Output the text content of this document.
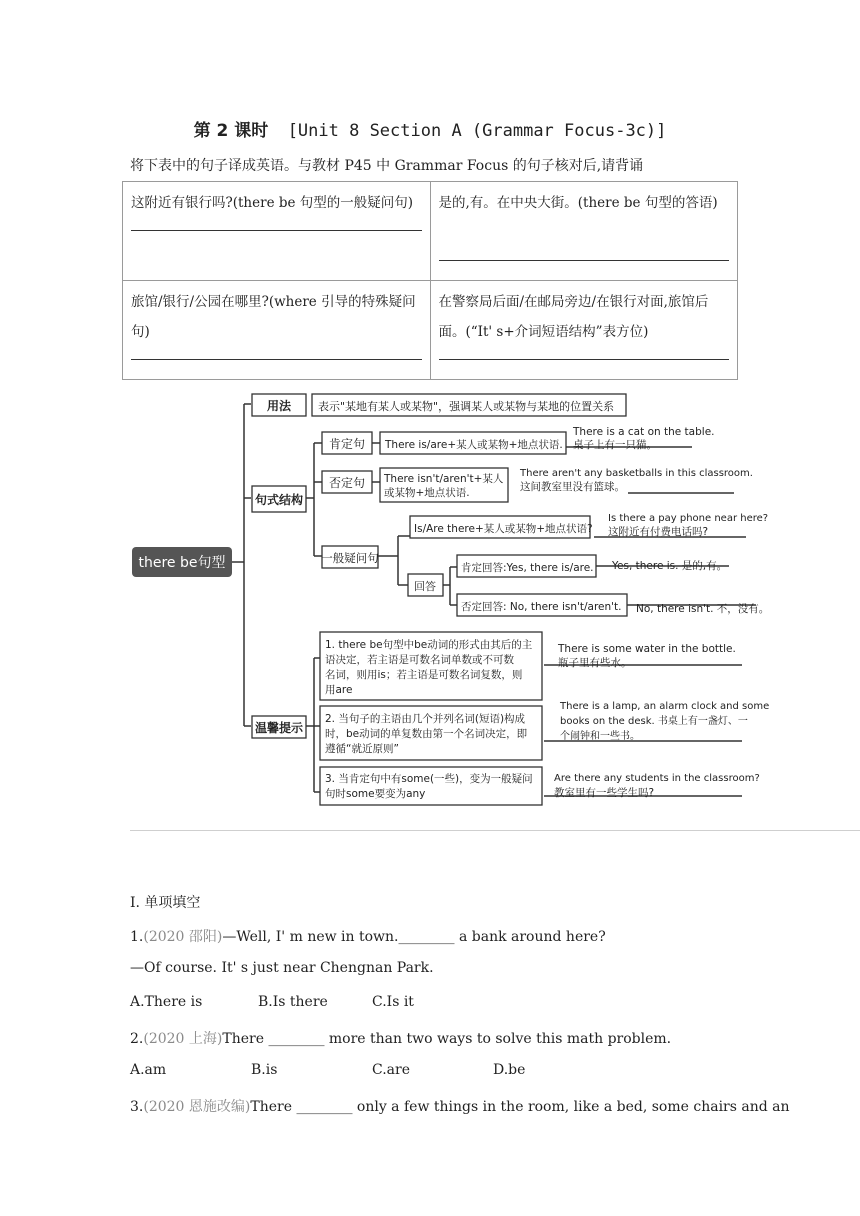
第 2 课时 [Unit 8 Section A (Grammar Focus-3c)]
将下表中的句子译成英语。与教材 P45 中 Grammar Focus 的句子核对后,请背诵
这附近有银行吗?(there be 句型的一般疑问句)	是的,有。在中央大街。(there be 句型的答语)

旅馆/银行/公园在哪里?(where 引导的特殊疑问句)	在警察局后面/在邮局旁边/在银行对面,旅馆后面。(“It' s+介词短语结构”表方位)
用法 表示"某地有某人或某物"，强调某人或某物与某地的位置关系
句式结构
肯定句 There is/are+某人或某物+地点状语.
There is a cat on the table.
桌子上有一只猫。
否定句 There isn't/aren't+某人
或某物+地点状语.
There aren't any basketballs in this classroom.
这间教室里没有篮球。
一般疑问句
Is/Are there+某人或某物+地点状语?
Is there a pay phone near here?
这附近有付费电话吗?
回答
肯定回答:Yes, there is/are. Yes, there is. 是的,有。
否定回答: No, there isn't/aren't. No, there isn't. 不，没有。
温馨提示
1. there be句型中be动词的形式由其后的主
语决定，若主语是可数名词单数或不可数
名词，则用is；若主语是可数名词复数，则
用are
There is some water in the bottle.
瓶子里有些水。
2. 当句子的主语由几个并列名词(短语)构成
时，be动词的单复数由第一个名词决定，即
遵循“就近原则”
There is a lamp, an alarm clock and some
books on the desk. 书桌上有一盏灯、一
个闹钟和一些书。
3. 当肯定句中有some(一些)，变为一般疑问
句时some要变为any
Are there any students in the classroom?
教室里有一些学生吗?
there be句型
Ⅰ. 单项填空
1.(2020 邵阳)—Well, I' m new in town.________ a bank around here?
—Of course. It' s just near Chengnan Park.
A.There is	B.Is there	C.Is it
2.(2020 上海)There ________ more than two ways to solve this math problem.
A.am	B.is	C.are	D.be
3.(2020 恩施改编)There ________ only a few things in the room, like a bed, some chairs and an
